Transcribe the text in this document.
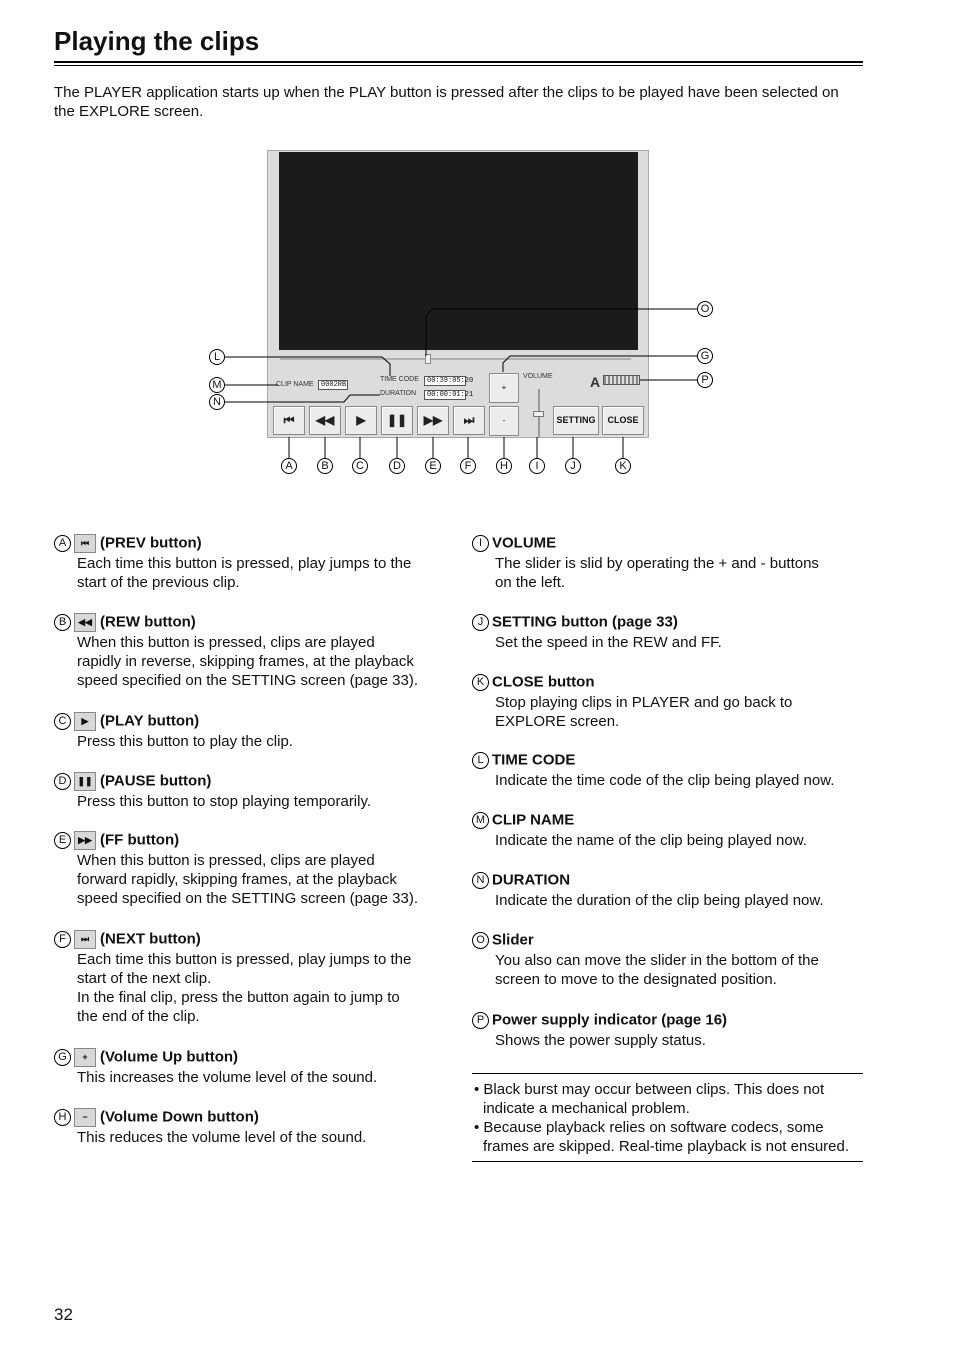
Playing the clips
The PLAYER application starts up when the PLAY button is pressed after the clips to be played have been selected on the EXPLORE screen.
CLIP NAME	0002RB
TIME CODE	00:39:05:20
DURATION	00:00:01:21
⏮	◀◀	▶	❚❚	▶▶	⏭
+
-
VOLUME
SETTING	CLOSE
A
O
L
M
N
G
P
A	B	C	D	E	F	H	I	J	K
A ⏮ (PREV button)
Each time this button is pressed, play jumps to the
start of the previous clip.
B ◀◀ (REW button)
When this button is pressed, clips are played
rapidly in reverse, skipping frames, at the playback
speed specified on the SETTING screen (page 33).
C ▶ (PLAY button)
Press this button to play the clip.
D ❚❚ (PAUSE button)
Press this button to stop playing temporarily.
E ▶▶ (FF button)
When this button is pressed, clips are played
forward rapidly, skipping frames, at the playback
speed specified on the SETTING screen (page 33).
F ⏭ (NEXT button)
Each time this button is pressed, play jumps to the
start of the next clip.
In the final clip, press the button again to jump to
the end of the clip.
G + (Volume Up button)
This increases the volume level of the sound.
H − (Volume Down button)
This reduces the volume level of the sound.
I VOLUME
The slider is slid by operating the + and - buttons
on the left.
J SETTING button (page 33)
Set the speed in the REW and FF.
K CLOSE button
Stop playing clips in PLAYER and go back to
EXPLORE screen.
L TIME CODE
Indicate the time code of the clip being played now.
M CLIP NAME
Indicate the name of the clip being played now.
N DURATION
Indicate the duration of the clip being played now.
O Slider
You also can move the slider in the bottom of the
screen to move to the designated position.
P Power supply indicator (page 16)
Shows the power supply status.
• Black burst may occur between clips. This does not indicate a mechanical problem.
• Because playback relies on software codecs, some frames are skipped. Real-time playback is not ensured.
32
